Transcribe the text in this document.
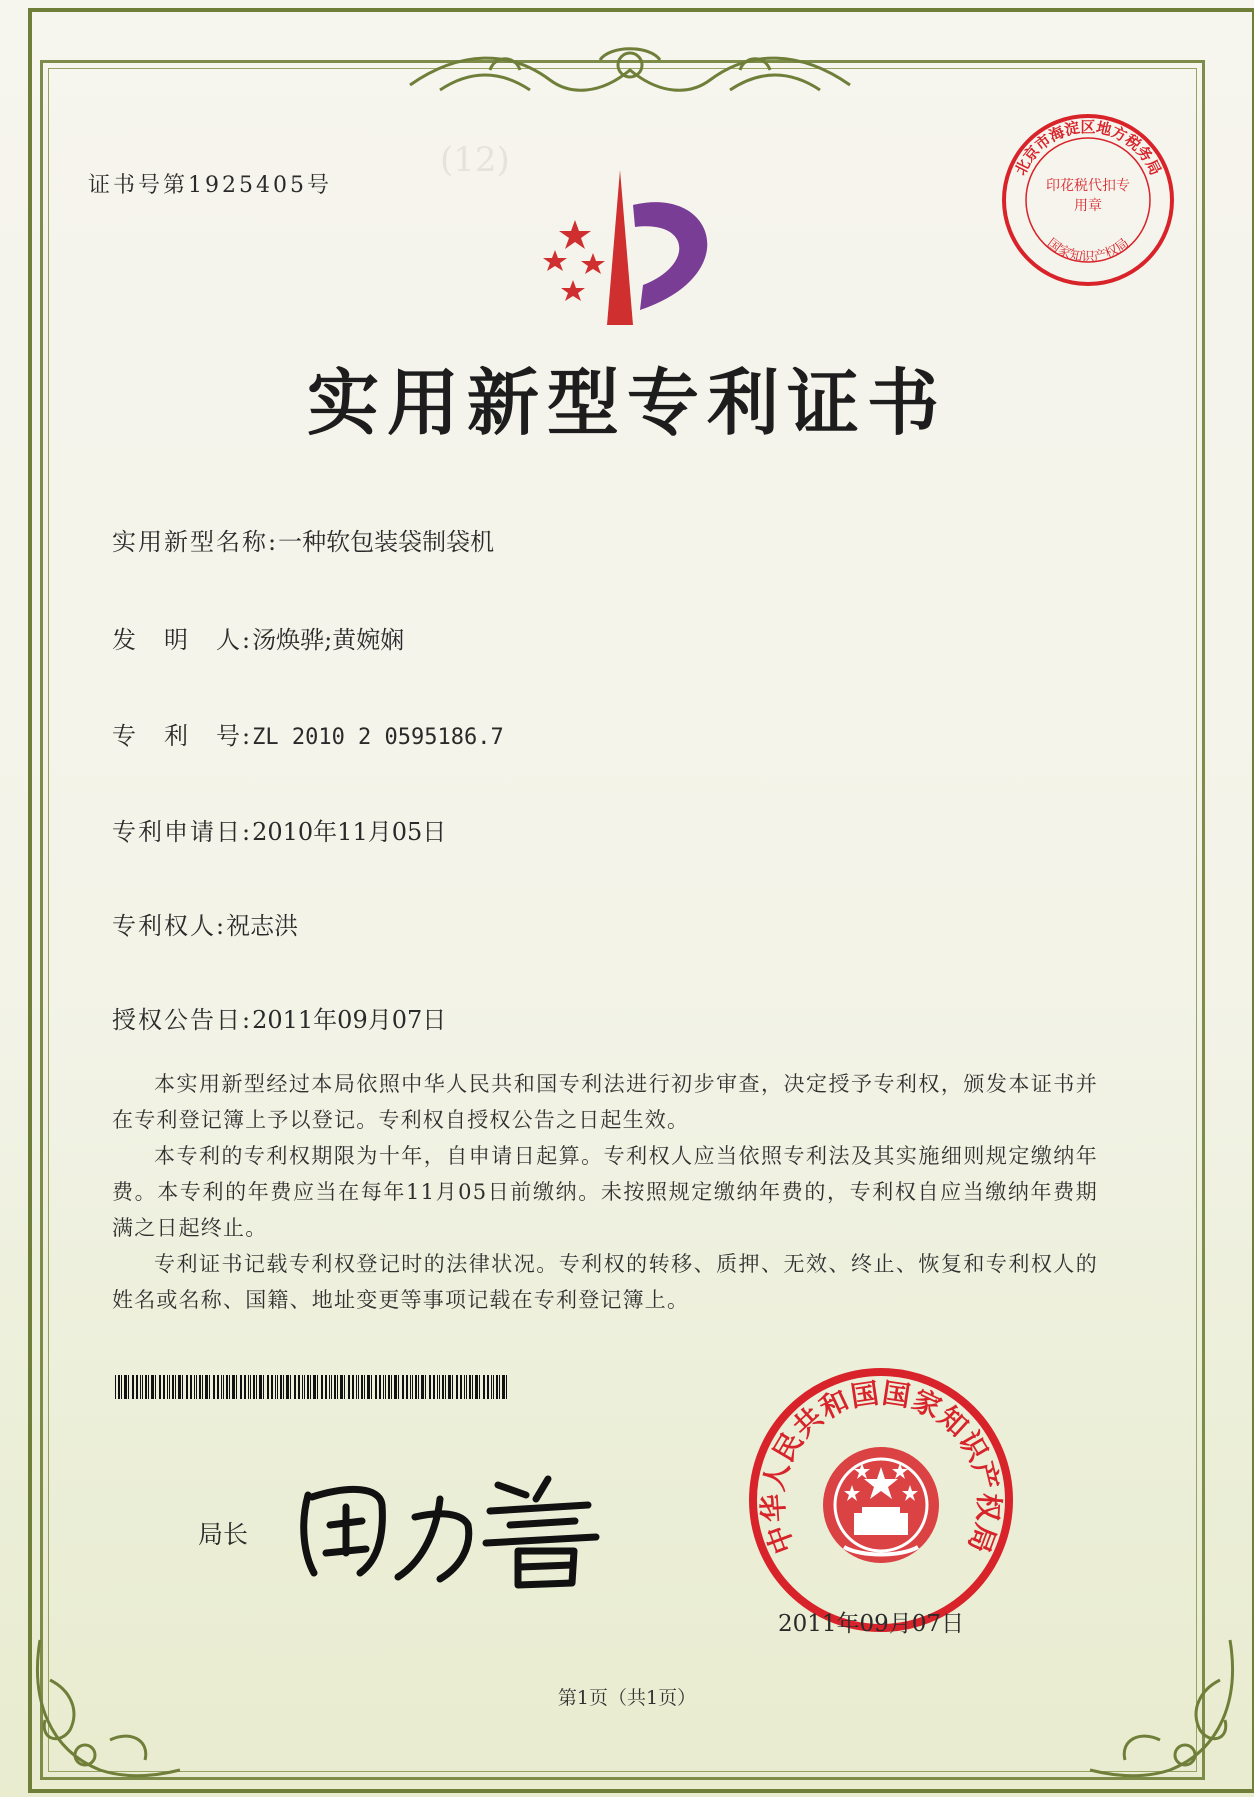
(12)
证书号第1925405号
北京市海淀区地方税务局
国家知识产权局
印花税代扣专用章
实用新型专利证书
实用新型名称:一种软包装袋制袋机
发　明　人:汤焕骅;黄婉娴
专　利　号:ZL 2010 2 0595186.7
专利申请日:2010年11月05日
专利权人:祝志洪
授权公告日:2011年09月07日

本实用新型经过本局依照中华人民共和国专利法进行初步审查，决定授予专利权，颁发本证书并在专利登记簿上予以登记。专利权自授权公告之日起生效。

本专利的专利权期限为十年，自申请日起算。专利权人应当依照专利法及其实施细则规定缴纳年费。本专利的年费应当在每年11月05日前缴纳。未按照规定缴纳年费的，专利权自应当缴纳年费期满之日起终止。

专利证书记载专利权登记时的法律状况。专利权的转移、质押、无效、终止、恢复和专利权人的姓名或名称、国籍、地址变更等事项记载在专利登记簿上。

局长	中华人民共和国国家知识产权局
2011年09月07日
第1页（共1页）
